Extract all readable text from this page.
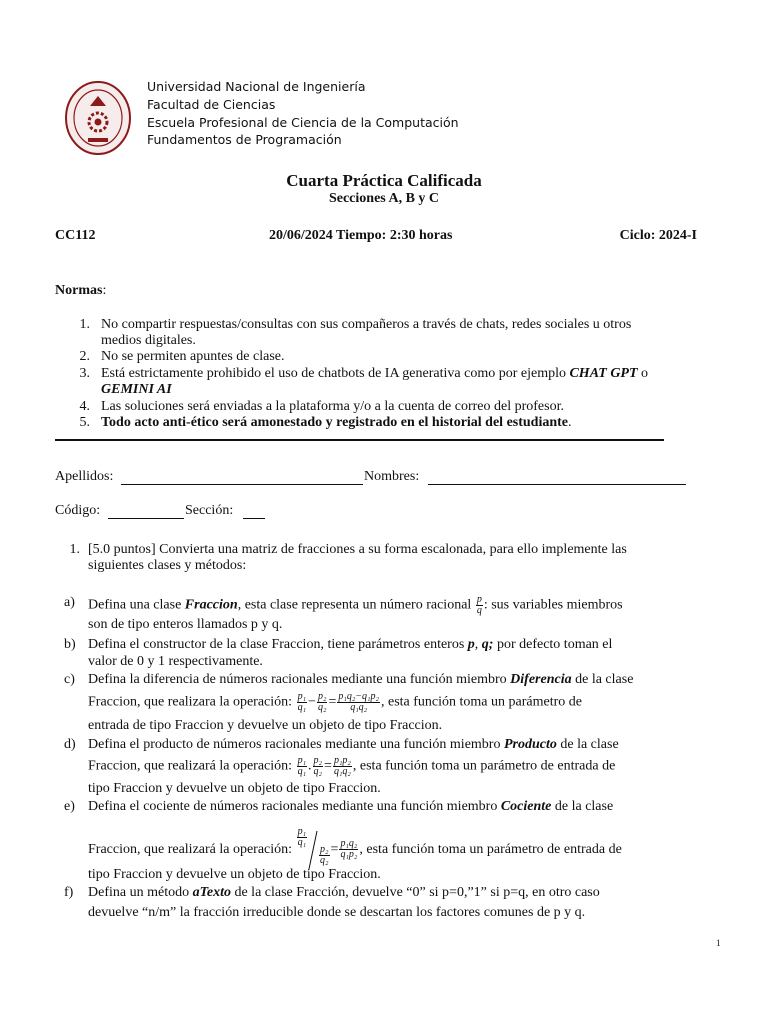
Universidad Nacional de Ingeniería
Facultad de Ciencias
Escuela Profesional de Ciencia de la Computación
Fundamentos de Programación
Cuarta Práctica Calificada
Secciones A, B y C
CC112	20/06/2024 Tiempo: 2:30 horas	Ciclo: 2024-I
Normas:
1. No compartir respuestas/consultas con sus compañeros a través de chats, redes sociales u otros
medios digitales.
2. No se permiten apuntes de clase.
3. Está estrictamente prohibido el uso de chatbots de IA generativa como por ejemplo CHAT GPT o
GEMINI AI
4. Las soluciones será enviadas a la plataforma y/o a la cuenta de correo del profesor.
5. Todo acto anti-ético será amonestado y registrado en el historial del estudiante.
Apellidos:	Nombres:
Código:	Sección:
1. [5.0 puntos] Convierta una matriz de fracciones a su forma escalonada, para ello implemente las
siguientes clases y métodos:
a) Defina una clase Fraccion, esta clase representa un número racional $\frac{p}{q}$ : sus variables miembros
son de tipo enteros llamados p y q.
b) Defina el constructor de la clase Fraccion, tiene parámetros enteros p, q; por defecto toman el
valor de 0 y 1 respectivamente.
c) Defina la diferencia de números racionales mediante una función miembro Diferencia de la clase
Fraccion, que realizara la operación: $\frac{\text{p₁}}{\text{q₁}} - \frac{\text{p₂}}{\text{q₂}} = \frac{\text{p₁q₂−q₁p₂}}{\text{q₁q₂}}$ , esta función toma un parámetro de
entrada de tipo Fraccion y devuelve un objeto de tipo Fraccion.
d) Defina el producto de números racionales mediante una función miembro Producto de la clase
Fraccion, que realizará la operación: $\frac{\text{p₁}}{\text{q₁}}$ . $\frac{\text{p₂}}{\text{q₂}} = \frac{\text{p₁p₂}}{\text{q₁q₂}}$ , esta función toma un parámetro de entrada de
tipo Fraccion y devuelve un objeto de tipo Fraccion.
e) Defina el cociente de números racionales mediante una función miembro Cociente de la clase
Fraccion, que realizará la operación:
$\frac{\text{p₁}}{\text{q₁}}$
$\frac{\text{p₂}}{\text{q₂}} = \frac{\text{p₁q₂}}{\text{q₁p₂}}$ , esta función toma un parámetro de entrada de
tipo Fraccion y devuelve un objeto de tipo Fraccion.
f) Defina un método aTexto de la clase Fracción, devuelve “0” si p=0,”1” si p=q, en otro caso
devuelve “n/m” la fracción irreducible donde se descartan los factores comunes de p y q.
1
